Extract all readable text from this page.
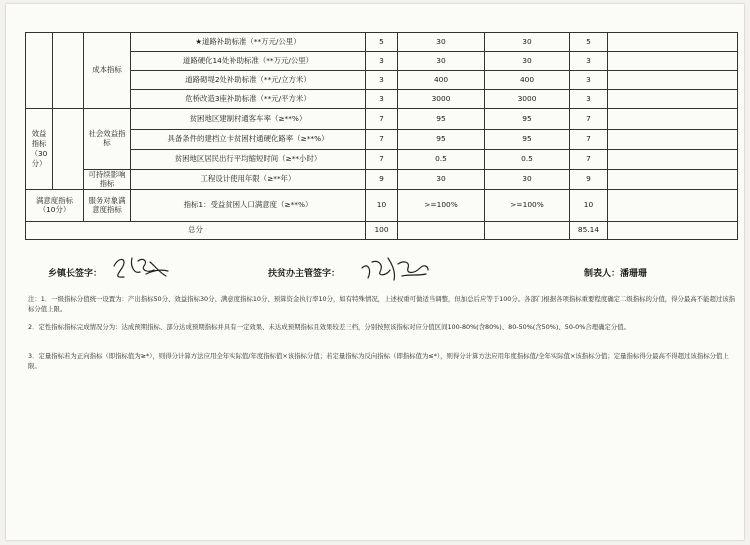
		成本指标	★道路补助标准（**万元/公里）	5	30	30	5	
			道路硬化14处补助标准（**万元/公里）	3	30	30	3	
			道路砌堤2处补助标准（**元/立方米）	3	400	400	3	
			危桥改造3座补助标准（**元/平方米）	3	3000	3000	3	
效益指标（30分）		社会效益指标	贫困地区建制村通客车率（≥**%）	7	95	95	7	
			具备条件的建档立卡贫困村通硬化路率（≥**%）	7	95	95	7	
			贫困地区居民出行平均缩短时间（≥**小时）	7	0.5	0.5	7	
		可持续影响指标	工程设计使用年限（≥**年）	9	30	30	9	
满意度指标（10分）		服务对象满意度指标	指标1：受益贫困人口满意度（≥**%）	10	>=100%	>=100%	10	
总分				100			85.14	
乡镇长签字：	扶贫办主管签字：	制表人：潘珊珊
注：1．一级指标分值统一设置为：产出指标50分、效益指标30分、满意度指标10分、预算资金执行率10分，如有特殊情况，上述权重可做适当调整，但加总后应等于100分。各部门根据各项指标重要程度确定二级指标的分值，得分最高不能超过该指标分值上限。
2．定性指标指标完成情况分为：达成预期指标、部分达成预期指标并具有一定效果、未达成预期指标且效果较差三档，分别按照该指标对应分值区间100-80%(含80%)、80-50%(含50%)、50-0%合理确定分值。
3．定量指标若为正向指标（即指标值为≥*），则得分计算方法应用全年实际值/年度指标值×该指标分值；若定量指标为反向指标（即指标值为≤*），则得分计算方法应用年度指标值/全年实际值×该指标分值；定量指标得分最高不得超过该指标分值上限。
